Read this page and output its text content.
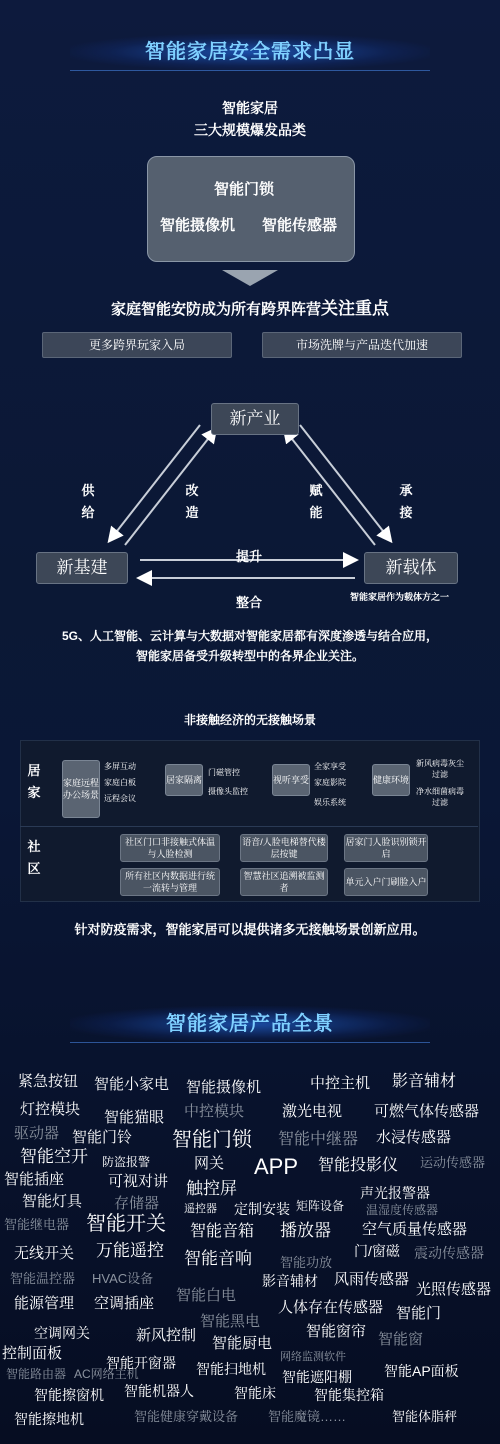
智能家居安全需求凸显
智能家居
三大规模爆发品类
智能门锁
智能摄像机 智能传感器
家庭智能安防成为所有跨界阵营关注重点
更多跨界玩家入局	市场洗牌与产品迭代加速
新产业
新基建	新载体
供
给
改
造
赋
能
承
接
提升
整合	智能家居作为载体方之一
5G、人工智能、云计算与大数据对智能家居都有深度渗透与结合应用，
智能家居备受升级转型中的各界企业关注。
非接触经济的无接触场景
居
家
社
区
家庭远程办公场景
多屏互动
家庭白板
远程会议
居家隔离
门磁管控
摄像头监控
视听享受
全家享受
家庭影院
娱乐系统
健康环境
新风病毒灰尘过滤
净水细菌病毒过滤
社区门口非接触式体温与人脸检测
语音/人脸电梯替代楼层按键
居家门人脸识别锁开启
所有社区内数据进行统一流转与管理
智慧社区追溯被监测者
单元入户门刷脸入户
针对防疫需求，智能家居可以提供诸多无接触场景创新应用。
智能家居产品全景
紧急按钮 智能小家电 智能摄像机	中控主机 影音辅材
灯控模块 智能猫眼 中控模块	激光电视 可燃气体传感器
驱动器 智能门铃 智能门锁 智能中继器 水浸传感器
智能空开 防盗报警	网关 APP 智能投影仪 运动传感器
智能插座	可视对讲 触控屏	声光报警器
智能灯具 存储器 遥控器 定制安装 矩阵设备 温湿度传感器
智能继电器 智能开关 智能音箱 播放器 空气质量传感器
无线开关 万能遥控
智能功放
门/窗磁 震动传感器
智能温控器 HVAC设备
智能音响
影音辅材 风雨传感器
光照传感器
能源管理 空调插座 智能白电
人体存在传感器 智能门
智能黑电
智能窗帘
空调网关	新风控制 智能厨电	智能窗
控制面板	网络监测软件
智能路由器 AC网络主机
智能开窗器 智能扫地机 智能遮阳棚 智能AP面板
智能擦窗机 智能机器人	智能床	智能集控箱
智能擦地机	智能健康穿戴设备 智能魔镜……	智能体脂秤
